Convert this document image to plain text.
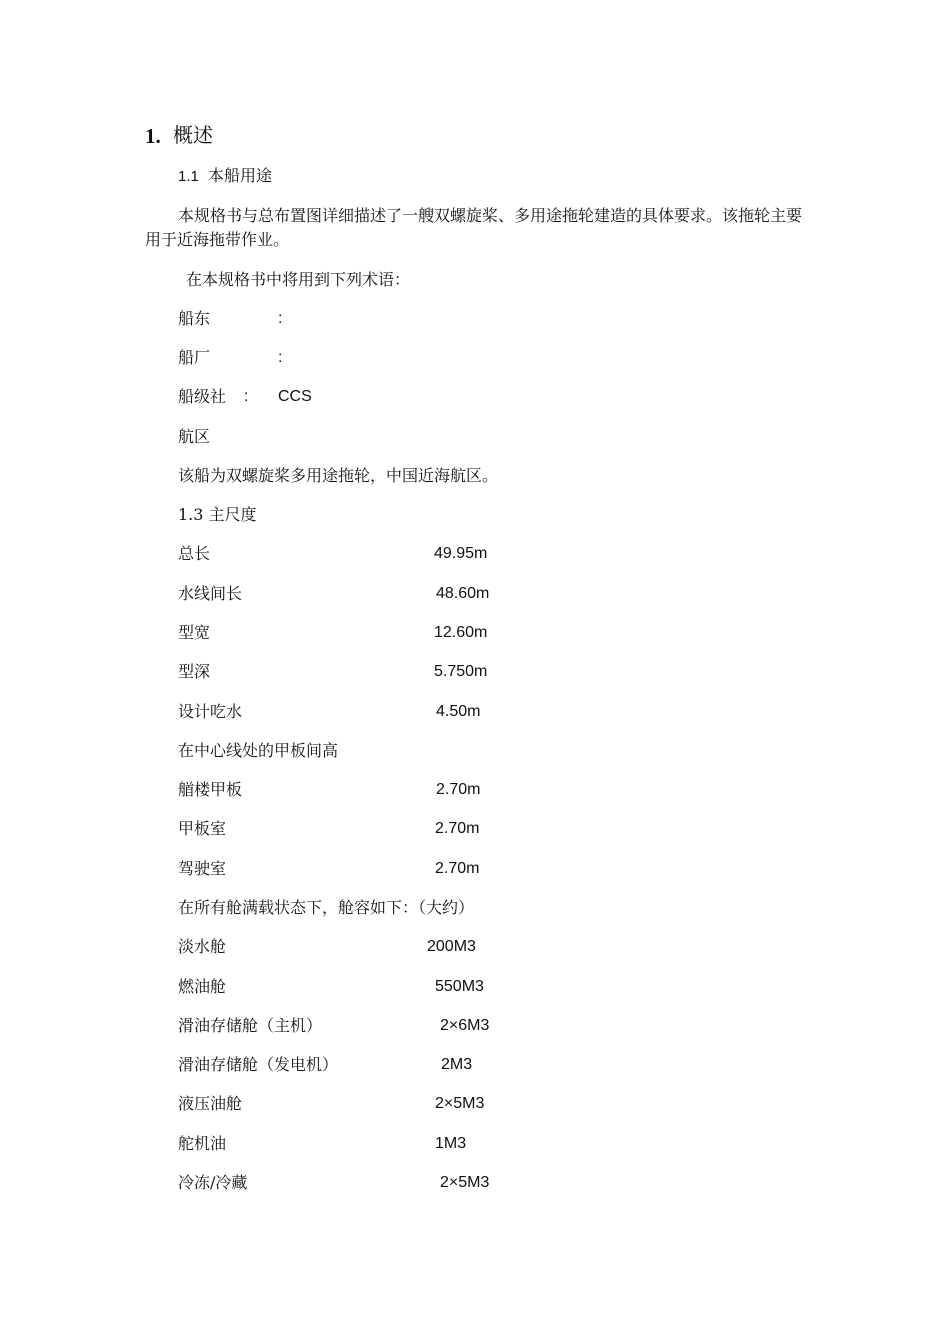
1. 概述
1.1 本船用途
本规格书与总布置图详细描述了一艘双螺旋桨、多用途拖轮建造的具体要求。该拖轮主要用于近海拖带作业。
在本规格书中将用到下列术语：
船东	:
船厂	:
船级社 : CCS
航区
该船为双螺旋桨多用途拖轮，中国近海航区。
1.3 主尺度
总长	49.95m
水线间长	48.60m
型宽	12.60m
型深	5.750m
设计吃水	4.50m
在中心线处的甲板间高
艏楼甲板	2.70m
甲板室	2.70m
驾驶室	2.70m
在所有舱满载状态下，舱容如下：（大约）
淡水舱	200M3
燃油舱	550M3
滑油存储舱（主机）	2×6M3
滑油存储舱（发电机）	2M3
液压油舱	2×5M3
舵机油	1M3
冷冻/冷藏	2×5M3
